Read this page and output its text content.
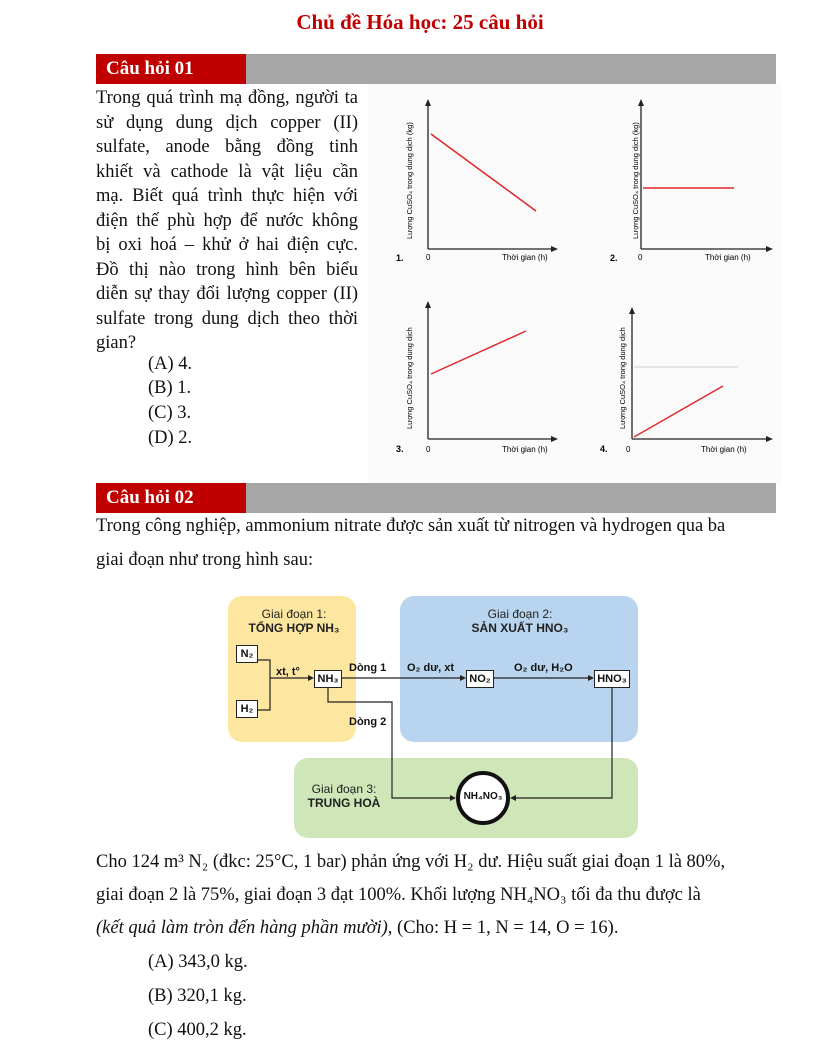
Chủ đề Hóa học: 25 câu hỏi
Câu hỏi 01
Trong quá trình mạ đồng, người ta
sử dụng dung dịch copper (II)
sulfate, anode bằng đồng tinh
khiết và cathode là vật liệu cần
mạ. Biết quá trình thực hiện với
điện thế phù hợp để nước không
bị oxi hoá – khử ở hai điện cực.
Đồ thị nào trong hình bên biểu
diễn sự thay đổi lượng copper (II)
sulfate trong dung dịch theo thời
gian?
(A) 4.
(B) 1.
(C) 3.
(D) 2.
Lượng CuSO₄ trong dung dịch (kg)
0	Thời gian (h)
1.
Lượng CuSO₄ trong dung dịch (kg)
0	Thời gian (h)
2.
Lượng CuSO₄ trong dung dịch
0	Thời gian (h)
3.
Lượng CuSO₄ trong dung dịch
0	Thời gian (h)
4.
Câu hỏi 02
Trong công nghiệp, ammonium nitrate được sản xuất từ nitrogen và hydrogen qua ba
giai đoạn như trong hình sau:
Giai đoạn 1:
TỔNG HỢP NH₃
Giai đoạn 2:
SẢN XUẤT HNO₃
Giai đoạn 3:
TRUNG HOÀ
N₂
H₂
NH₃	NO₂	HNO₃
xt, t°	Dòng 1
Dòng 2
O₂ dư, xt	O₂ dư, H₂O
NH₄NO₃
Cho 124 m³ N₂ (đkc: 25°C, 1 bar) phản ứng với H₂ dư. Hiệu suất giai đoạn 1 là 80%,
giai đoạn 2 là 75%, giai đoạn 3 đạt 100%. Khối lượng NH₄NO₃ tối đa thu được là
(kết quả làm tròn đến hàng phần mười), (Cho: H = 1, N = 14, O = 16).
(A) 343,0 kg.
(B) 320,1 kg.
(C) 400,2 kg.
